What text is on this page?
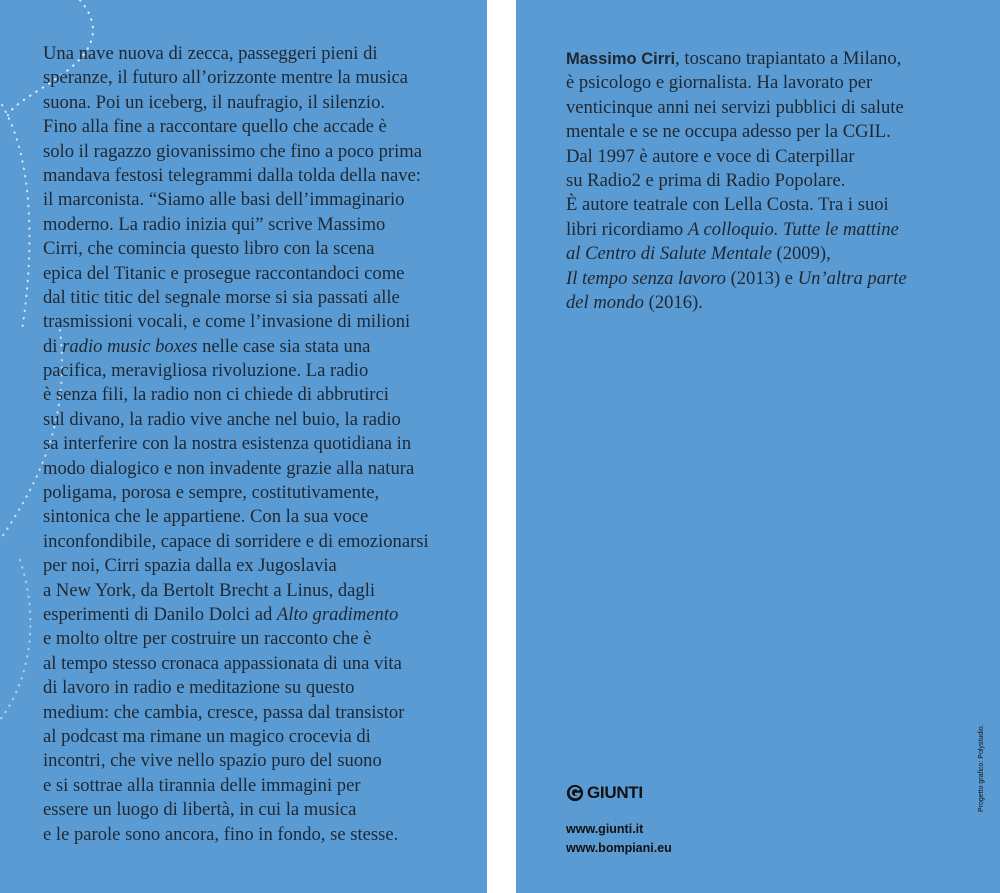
Una nave nuova di zecca, passeggeri pieni di
speranze, il futuro all’orizzonte mentre la musica
suona. Poi un iceberg, il naufragio, il silenzio.
Fino alla fine a raccontare quello che accade è
solo il ragazzo giovanissimo che fino a poco prima
mandava festosi telegrammi dalla tolda della nave:
il marconista. “Siamo alle basi dell’immaginario
moderno. La radio inizia qui” scrive Massimo
Cirri, che comincia questo libro con la scena
epica del Titanic e prosegue raccontandoci come
dal titic titic del segnale morse si sia passati alle
trasmissioni vocali, e come l’invasione di milioni
di radio music boxes nelle case sia stata una
pacifica, meravigliosa rivoluzione. La radio
è senza fili, la radio non ci chiede di abbrutirci
sul divano, la radio vive anche nel buio, la radio
sa interferire con la nostra esistenza quotidiana in
modo dialogico e non invadente grazie alla natura
poligama, porosa e sempre, costitutivamente,
sintonica che le appartiene. Con la sua voce
inconfondibile, capace di sorridere e di emozionarsi
per noi, Cirri spazia dalla ex Jugoslavia
a New York, da Bertolt Brecht a Linus, dagli
esperimenti di Danilo Dolci ad Alto gradimento
e molto oltre per costruire un racconto che è
al tempo stesso cronaca appassionata di una vita
di lavoro in radio e meditazione su questo
medium: che cambia, cresce, passa dal transistor
al podcast ma rimane un magico crocevia di
incontri, che vive nello spazio puro del suono
e si sottrae alla tirannia delle immagini per
essere un luogo di libertà, in cui la musica
e le parole sono ancora, fino in fondo, se stesse.
Massimo Cirri, toscano trapiantato a Milano,
è psicologo e giornalista. Ha lavorato per
venticinque anni nei servizi pubblici di salute
mentale e se ne occupa adesso per la CGIL.
Dal 1997 è autore e voce di Caterpillar
su Radio2 e prima di Radio Popolare.
È autore teatrale con Lella Costa. Tra i suoi
libri ricordiamo A colloquio. Tutte le mattine
al Centro di Salute Mentale (2009),
Il tempo senza lavoro (2013) e Un’altra parte
del mondo (2016).
GIUNTI
www.giunti.it
www.bompiani.eu
Progetto grafico: Polystudio.
